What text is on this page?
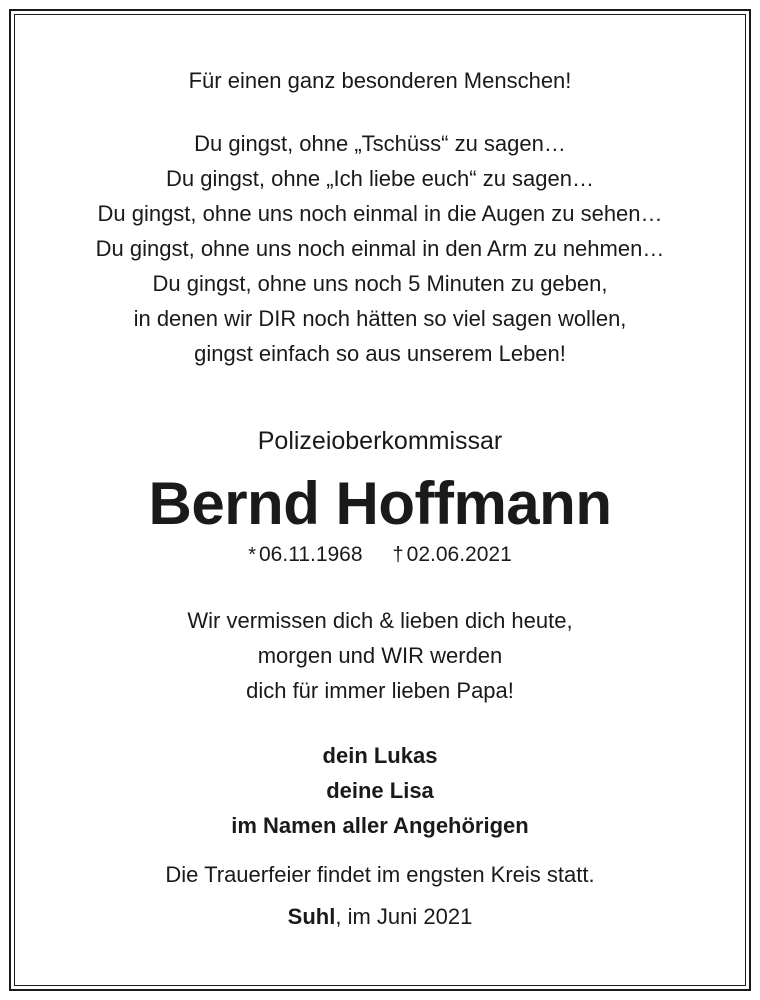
Für einen ganz besonderen Menschen!
Du gingst, ohne „Tschüss“ zu sagen…
Du gingst, ohne „Ich liebe euch“ zu sagen…
Du gingst, ohne uns noch einmal in die Augen zu sehen…
Du gingst, ohne uns noch einmal in den Arm zu nehmen…
Du gingst, ohne uns noch 5 Minuten zu geben,
in denen wir DIR noch hätten so viel sagen wollen,
gingst einfach so aus unserem Leben!
Polizeioberkommissar
Bernd Hoffmann
* 06.11.1968 † 02.06.2021
Wir vermissen dich & lieben dich heute,
morgen und WIR werden
dich für immer lieben Papa!
dein Lukas
deine Lisa
im Namen aller Angehörigen
Die Trauerfeier findet im engsten Kreis statt.
Suhl, im Juni 2021
